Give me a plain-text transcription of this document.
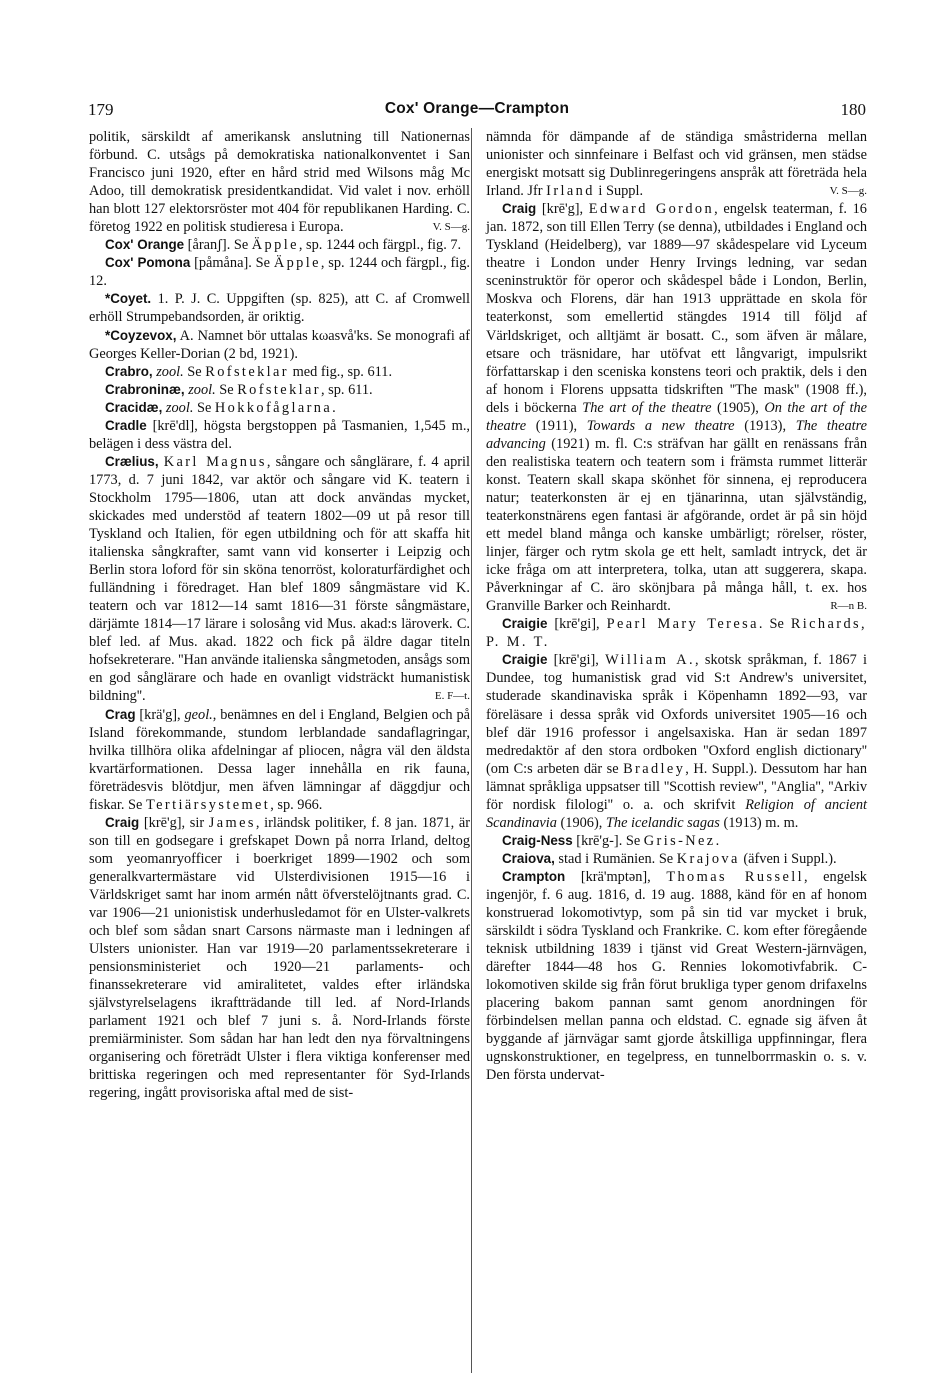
179	Cox' Orange—Crampton	180

politik, särskildt af amerikansk anslutning till Nationernas förbund. C. utsågs på demokratiska nationalkonventet i San Francisco juni 1920, efter en hård strid med Wilsons måg Mc Adoo, till demokratisk presidentkandidat. Vid valet i nov. erhöll han blott 127 elektorsröster mot 404 för republikanen Harding. C. företog 1922 en politisk studieresa i Europa.	V. S—g.

Cox' Orange [åranʃ]. Se Äpple, sp. 1244 och färgpl., fig. 7.

Cox' Pomona [påmåna]. Se Äpple, sp. 1244 och färgpl., fig. 12.

*Coyet. 1. P. J. C. Uppgiften (sp. 825), att C. af Cromwell erhöll Strumpebandsorden, är oriktig.

*Coyzevox, A. Namnet bör uttalas kωasvå'ks. Se monografi af Georges Keller-Dorian (2 bd, 1921).

Crabro, zool. Se Rofsteklar med fig., sp. 611.

Crabroninæ, zool. Se Rofsteklar, sp. 611.

Cracidæ, zool. Se Hokkofåglarna.

Cradle [krē'dl], högsta bergstoppen på Tasmanien, 1,545 m., belägen i dess västra del.

Crælius, Karl Magnus, sångare och sånglärare, f. 4 april 1773, d. 7 juni 1842, var aktör och sångare vid K. teatern i Stockholm 1795—1806, utan att dock användas mycket, skickades med understöd af teatern 1802—09 ut på resor till Tyskland och Italien, för egen utbildning och för att skaffa hit italienska sångkrafter, samt vann vid konserter i Leipzig och Berlin stora loford för sin sköna tenorröst, koloraturfärdighet och fulländning i föredraget. Han blef 1809 sångmästare vid K. teatern och var 1812—14 samt 1816—31 förste sångmästare, därjämte 1814—17 lärare i solosång vid Mus. akad:s läroverk. C. blef led. af Mus. akad. 1822 och fick på äldre dagar titeln hofsekreterare. ''Han använde italienska sångmetoden, ansågs som en god sånglärare och hade en ovanligt vidsträckt humanistisk bildning''.	E. F—t.

Crag [krä'g], geol., benämnes en del i England, Belgien och på Island förekommande, stundom lerblandade sandaflagringar, hvilka tillhöra olika afdelningar af pliocen, några väl den äldsta kvartärformationen. Dessa lager innehålla en rik fauna, företrädesvis blötdjur, men äfven lämningar af däggdjur och fiskar. Se Tertiärsystemet, sp. 966.

Craig [krē'g], sir James, irländsk politiker, f. 8 jan. 1871, är son till en godsegare i grefskapet Down på norra Irland, deltog som yeomanryofficer i boerkriget 1899—1902 och som generalkvartermästare vid Ulsterdivisionen 1915—16 i Världskriget samt har inom armén nått öfverstelöjtnants grad. C. var 1906—21 unionistisk underhusledamot för en Ulster-valkrets och blef som sådan snart Carsons närmaste man i ledningen af Ulsters unionister. Han var 1919—20 parlamentssekreterare i pensionsministeriet och 1920—21 parlaments- och finanssekreterare vid amiralitetet, valdes efter irländska självstyrelselagens ikraftträdande till led. af Nord-Irlands parlament 1921 och blef 7 juni s. å. Nord-Irlands förste premiärminister. Som sådan har han ledt den nya förvaltningens organisering och företrädt Ulster i flera viktiga konferenser med brittiska regeringen och med representanter för Syd-Irlands regering, ingått provisoriska aftal med de sist-

nämnda för dämpande af de ständiga småstriderna mellan unionister och sinnfeinare i Belfast och vid gränsen, men städse energiskt motsatt sig Dublinregeringens anspråk att företräda hela Irland. Jfr Irland i Suppl.	V. S—g.

Craig [krē'g], Edward Gordon, engelsk teaterman, f. 16 jan. 1872, son till Ellen Terry (se denna), utbildades i England och Tyskland (Heidelberg), var 1889—97 skådespelare vid Lyceum theatre i London under Henry Irvings ledning, var sedan sceninstruktör för operor och skådespel både i London, Berlin, Moskva och Florens, där han 1913 upprättade en skola för teaterkonst, som emellertid stängdes 1914 till följd af Världskriget, och alltjämt är bosatt. C., som äfven är målare, etsare och träsnidare, har utöfvat ett långvarigt, impulsrikt författarskap i den sceniska konstens teori och praktik, dels i den af honom i Florens uppsatta tidskriften ''The mask'' (1908 ff.), dels i böckerna The art of the theatre (1905), On the art of the theatre (1911), Towards a new theatre (1913), The theatre advancing (1921) m. fl. C:s sträfvan har gällt en renässans från den realistiska teatern och teatern som i främsta rummet litterär konst. Teatern skall skapa skönhet för sinnena, ej reproducera natur; teaterkonsten är ej en tjänarinna, utan självständig, teaterkonstnärens egen fantasi är afgörande, ordet är på sin höjd ett medel bland många och kanske umbärligt; rörelser, röster, linjer, färger och rytm skola ge ett helt, samladt intryck, det är icke fråga om att interpretera, tolka, utan att suggerera, skapa. Påverkningar af C. äro skönjbara på många håll, t. ex. hos Granville Barker och Reinhardt.	R—n B.

Craigie [krē'gi], Pearl Mary Teresa. Se Richards, P. M. T.

Craigie [krē'gi], William A., skotsk språkman, f. 1867 i Dundee, tog humanistisk grad vid S:t Andrew's universitet, studerade skandinaviska språk i Köpenhamn 1892—93, var föreläsare i dessa språk vid Oxfords universitet 1905—16 och blef där 1916 professor i angelsaxiska. Han är sedan 1897 medredaktör af den stora ordboken ''Oxford english dictionary'' (om C:s arbeten där se Bradley, H. Suppl.). Dessutom har han lämnat språkliga uppsatser till ''Scottish review'', ''Anglia'', ''Arkiv för nordisk filologi'' o. a. och skrifvit Religion of ancient Scandinavia (1906), The icelandic sagas (1913) m. m.

Craig-Ness [krē'g-]. Se Gris-Nez.

Craiova, stad i Rumänien. Se Krajova (äfven i Suppl.).

Crampton [krä'mptən], Thomas Russell, engelsk ingenjör, f. 6 aug. 1816, d. 19 aug. 1888, känd för en af honom konstruerad lokomotivtyp, som på sin tid var mycket i bruk, särskildt i södra Tyskland och Frankrike. C. kom efter föregående teknisk utbildning 1839 i tjänst vid Great Western-järnvägen, därefter 1844—48 hos G. Rennies lokomotivfabrik. C-lokomotiven skilde sig från förut brukliga typer genom drifaxelns placering bakom pannan samt genom anordningen för förbindelsen mellan panna och eldstad. C. egnade sig äfven åt byggande af järnvägar samt gjorde åtskilliga uppfinningar, flera ugnskonstruktioner, en tegelpress, en tunnelborrmaskin o. s. v. Den första undervat-
